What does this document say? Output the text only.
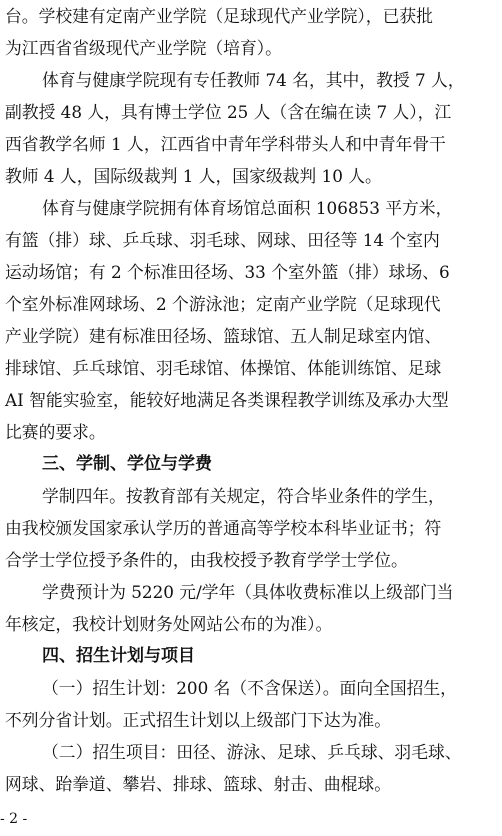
台。学校建有定南产业学院（足球现代产业学院），已获批
为江西省省级现代产业学院（培育）。
体育与健康学院现有专任教师 74 名，其中，教授 7 人，
副教授 48 人，具有博士学位 25 人（含在编在读 7 人），江
西省教学名师 1 人，江西省中青年学科带头人和中青年骨干
教师 4 人，国际级裁判 1 人，国家级裁判 10 人。
体育与健康学院拥有体育场馆总面积 106853 平方米，
有篮（排）球、乒乓球、羽毛球、网球、田径等 14 个室内
运动场馆；有 2 个标准田径场、33 个室外篮（排）球场、6
个室外标准网球场、2 个游泳池；定南产业学院（足球现代
产业学院）建有标准田径场、篮球馆、五人制足球室内馆、
排球馆、乒乓球馆、羽毛球馆、体操馆、体能训练馆、足球
AI 智能实验室，能较好地满足各类课程教学训练及承办大型
比赛的要求。
三、学制、学位与学费
学制四年。按教育部有关规定，符合毕业条件的学生，
由我校颁发国家承认学历的普通高等学校本科毕业证书；符
合学士学位授予条件的，由我校授予教育学学士学位。
学费预计为 5220 元/学年（具体收费标准以上级部门当
年核定，我校计划财务处网站公布的为准）。
四、招生计划与项目
（一）招生计划：200 名（不含保送）。面向全国招生，
不列分省计划。正式招生计划以上级部门下达为准。
（二）招生项目：田径、游泳、足球、乒乓球、羽毛球、
网球、跆拳道、攀岩、排球、篮球、射击、曲棍球。
- 2 -
